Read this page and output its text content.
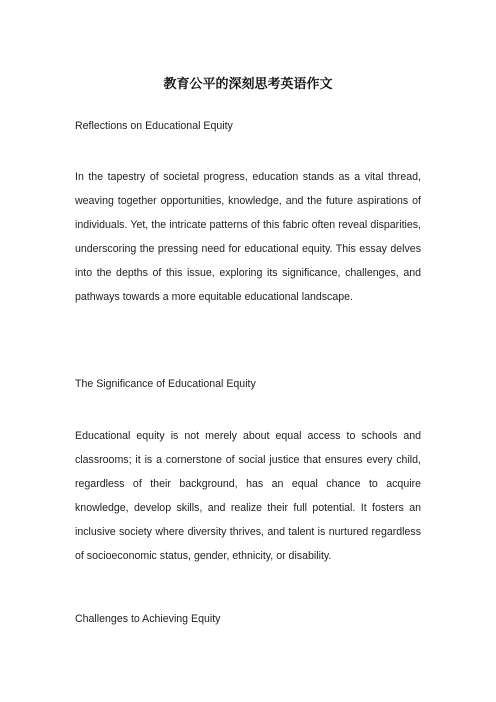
教育公平的深刻思考英语作文
Reflections on Educational Equity
In the tapestry of societal progress, education stands as a vital thread, weaving together opportunities, knowledge, and the future aspirations of individuals. Yet, the intricate patterns of this fabric often reveal disparities, underscoring the pressing need for educational equity. This essay delves into the depths of this issue, exploring its significance, challenges, and pathways towards a more equitable educational landscape.
The Significance of Educational Equity
Educational equity is not merely about equal access to schools and classrooms; it is a cornerstone of social justice that ensures every child, regardless of their background, has an equal chance to acquire knowledge, develop skills, and realize their full potential. It fosters an inclusive society where diversity thrives, and talent is nurtured regardless of socioeconomic status, gender, ethnicity, or disability.
Challenges to Achieving Equity
